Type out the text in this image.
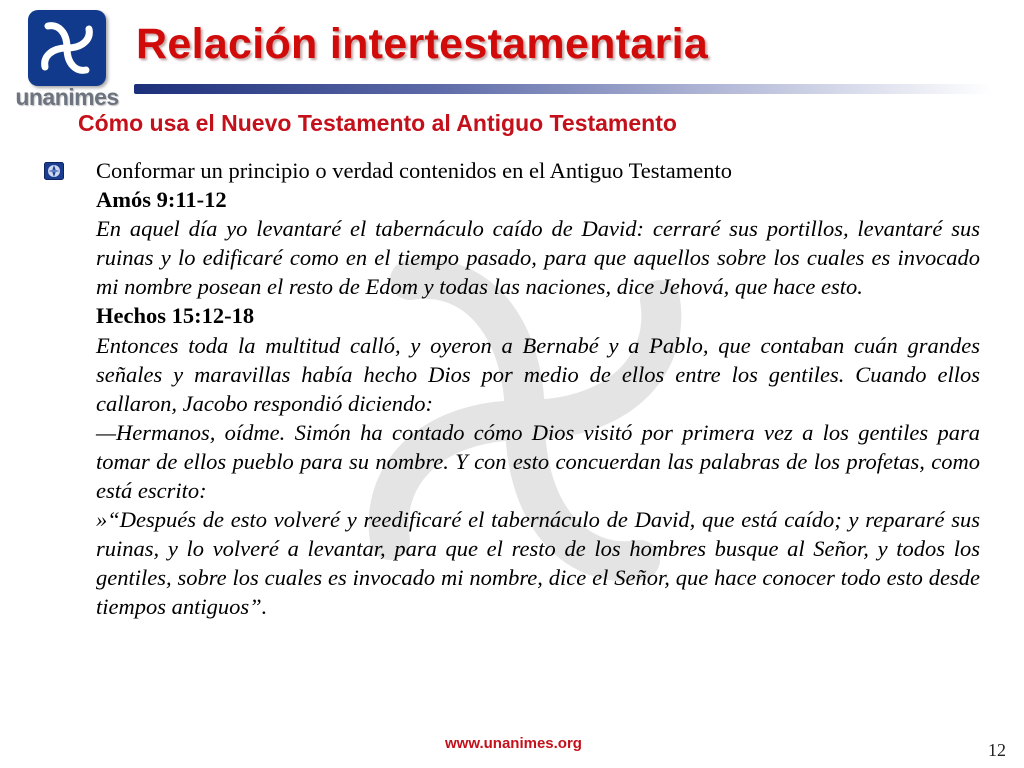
unanimes
Relación intertestamentaria
Cómo usa el Nuevo Testamento al Antiguo Testamento

Conformar un principio o verdad contenidos en el Antiguo Testamento

Amós 9:11-12

En aquel día yo levantaré el tabernáculo caído de David: cerraré sus portillos, levantaré sus ruinas y lo edificaré como en el tiempo pasado, para que aquellos sobre los cuales es invocado mi nombre posean el resto de Edom y todas las naciones, dice Jehová, que hace esto.

Hechos 15:12-18

Entonces toda la multitud calló, y oyeron a Bernabé y a Pablo, que contaban cuán grandes señales y maravillas había hecho Dios por medio de ellos entre los gentiles. Cuando ellos callaron, Jacobo respondió diciendo:

—Hermanos, oídme. Simón ha contado cómo Dios visitó por primera vez a los gentiles para tomar de ellos pueblo para su nombre. Y con esto concuerdan las palabras de los profetas, como está escrito:

»“Después de esto volveré y reedificaré el tabernáculo de David, que está caído; y repararé sus ruinas, y lo volveré a levantar, para que el resto de los hombres busque al Señor, y todos los gentiles, sobre los cuales es invocado mi nombre, dice el Señor, que hace conocer todo esto desde tiempos antiguos”.

www.unanimes.org	12
